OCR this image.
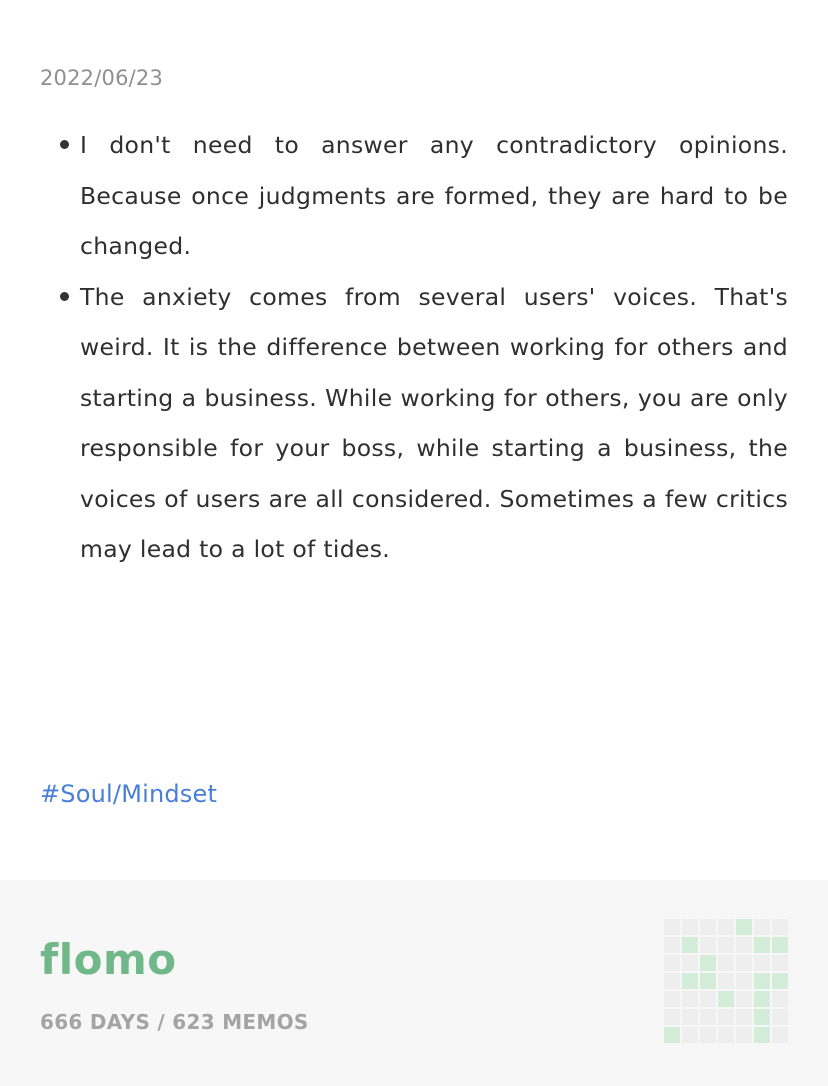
2022/06/23
I don't need to answer any contradictory opinions. Because once judgments are formed, they are hard to be changed.
The anxiety comes from several users' voices. That's weird. It is the difference between working for others and starting a business. While working for others, you are only responsible for your boss, while starting a business, the voices of users are all considered. Sometimes a few critics may lead to a lot of tides.
#Soul/Mindset
flomo
666 DAYS / 623 MEMOS
